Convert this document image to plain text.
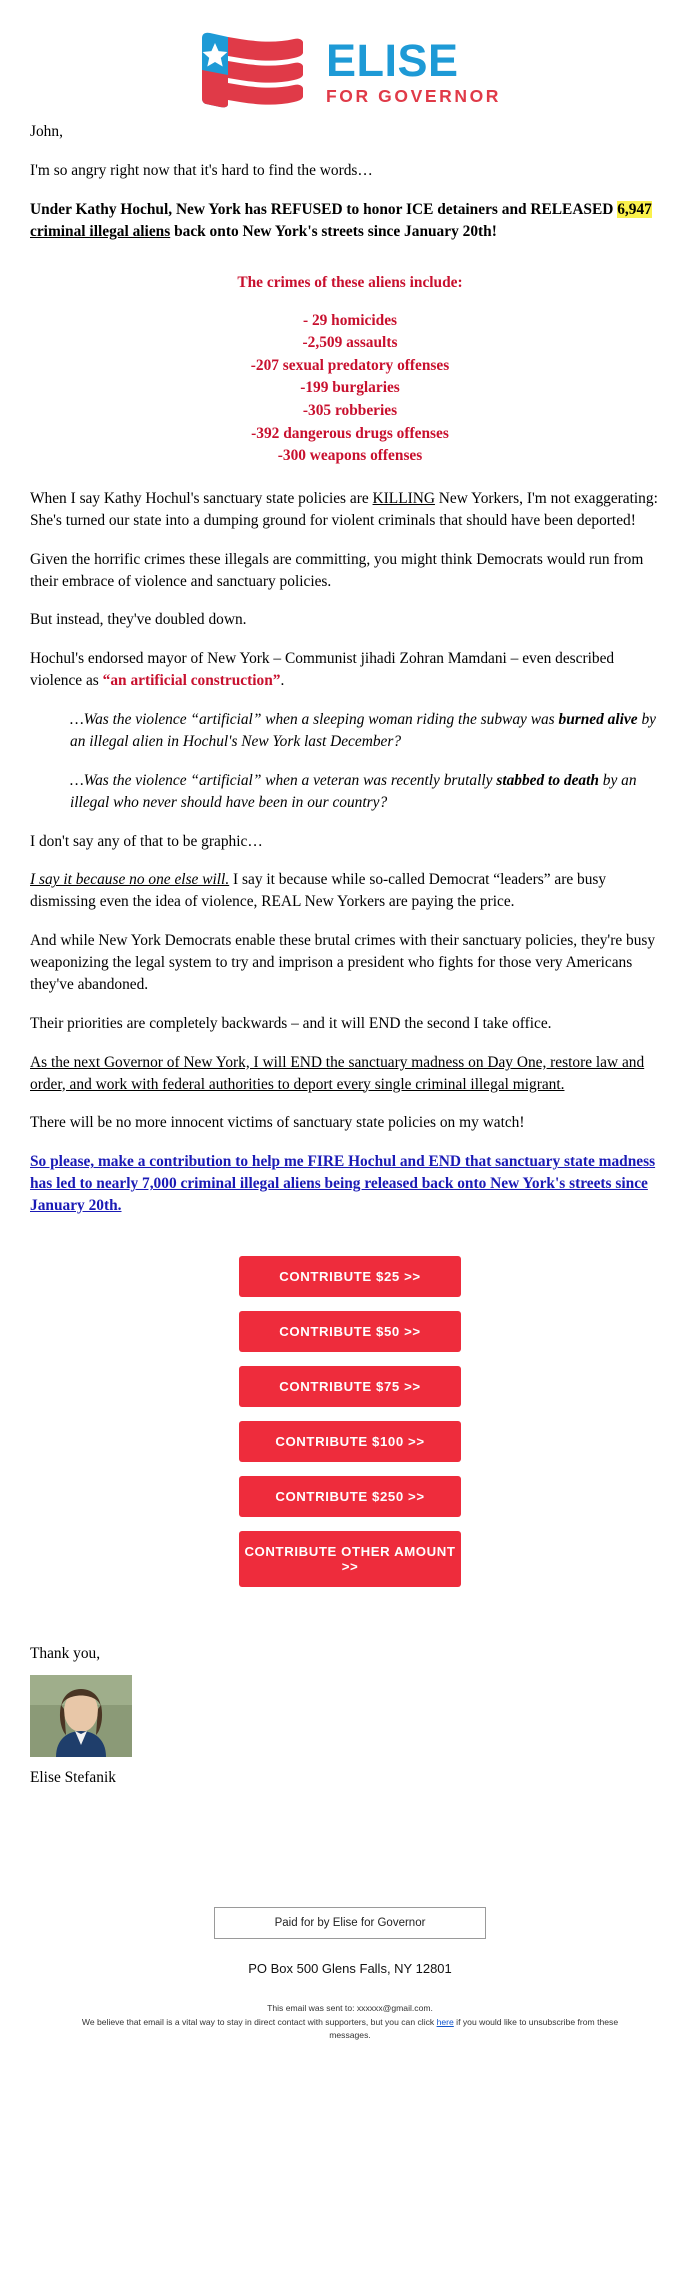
ELISE
FOR GOVERNOR

John,

I'm so angry right now that it's hard to find the words…

Under Kathy Hochul, New York has REFUSED to honor ICE detainers and RELEASED 6,947 criminal illegal aliens back onto New York's streets since January 20th!

The crimes of these aliens include:

- 29 homicides
-2,509 assaults
-207 sexual predatory offenses
-199 burglaries
-305 robberies
-392 dangerous drugs offenses
-300 weapons offenses

When I say Kathy Hochul's sanctuary state policies are KILLING New Yorkers, I'm not exaggerating: She's turned our state into a dumping ground for violent criminals that should have been deported!

Given the horrific crimes these illegals are committing, you might think Democrats would run from their embrace of violence and sanctuary policies.

But instead, they've doubled down.

Hochul's endorsed mayor of New York – Communist jihadi Zohran Mamdani – even described violence as “an artificial construction”.

…Was the violence “artificial” when a sleeping woman riding the subway was burned alive by an illegal alien in Hochul's New York last December?
…Was the violence “artificial” when a veteran was recently brutally stabbed to death by an illegal who never should have been in our country?

I don't say any of that to be graphic…

I say it because no one else will. I say it because while so-called Democrat “leaders” are busy dismissing even the idea of violence, REAL New Yorkers are paying the price.

And while New York Democrats enable these brutal crimes with their sanctuary policies, they're busy weaponizing the legal system to try and imprison a president who fights for those very Americans they've abandoned.

Their priorities are completely backwards – and it will END the second I take office.

As the next Governor of New York, I will END the sanctuary madness on Day One, restore law and order, and work with federal authorities to deport every single criminal illegal migrant.

There will be no more innocent victims of sanctuary state policies on my watch!

So please, make a contribution to help me FIRE Hochul and END that sanctuary state madness has led to nearly 7,000 criminal illegal aliens being released back onto New York's streets since January 20th.

CONTRIBUTE $25 >>
CONTRIBUTE $50 >>
CONTRIBUTE $75 >>
CONTRIBUTE $100 >>
CONTRIBUTE $250 >>
CONTRIBUTE OTHER AMOUNT >>

Thank you,

Elise Stefanik

Paid for by Elise for Governor
PO Box 500 Glens Falls, NY 12801
This email was sent to: xxxxxx@gmail.com.
We believe that email is a vital way to stay in direct contact with supporters, but you can click here if you would like to unsubscribe from these messages.
